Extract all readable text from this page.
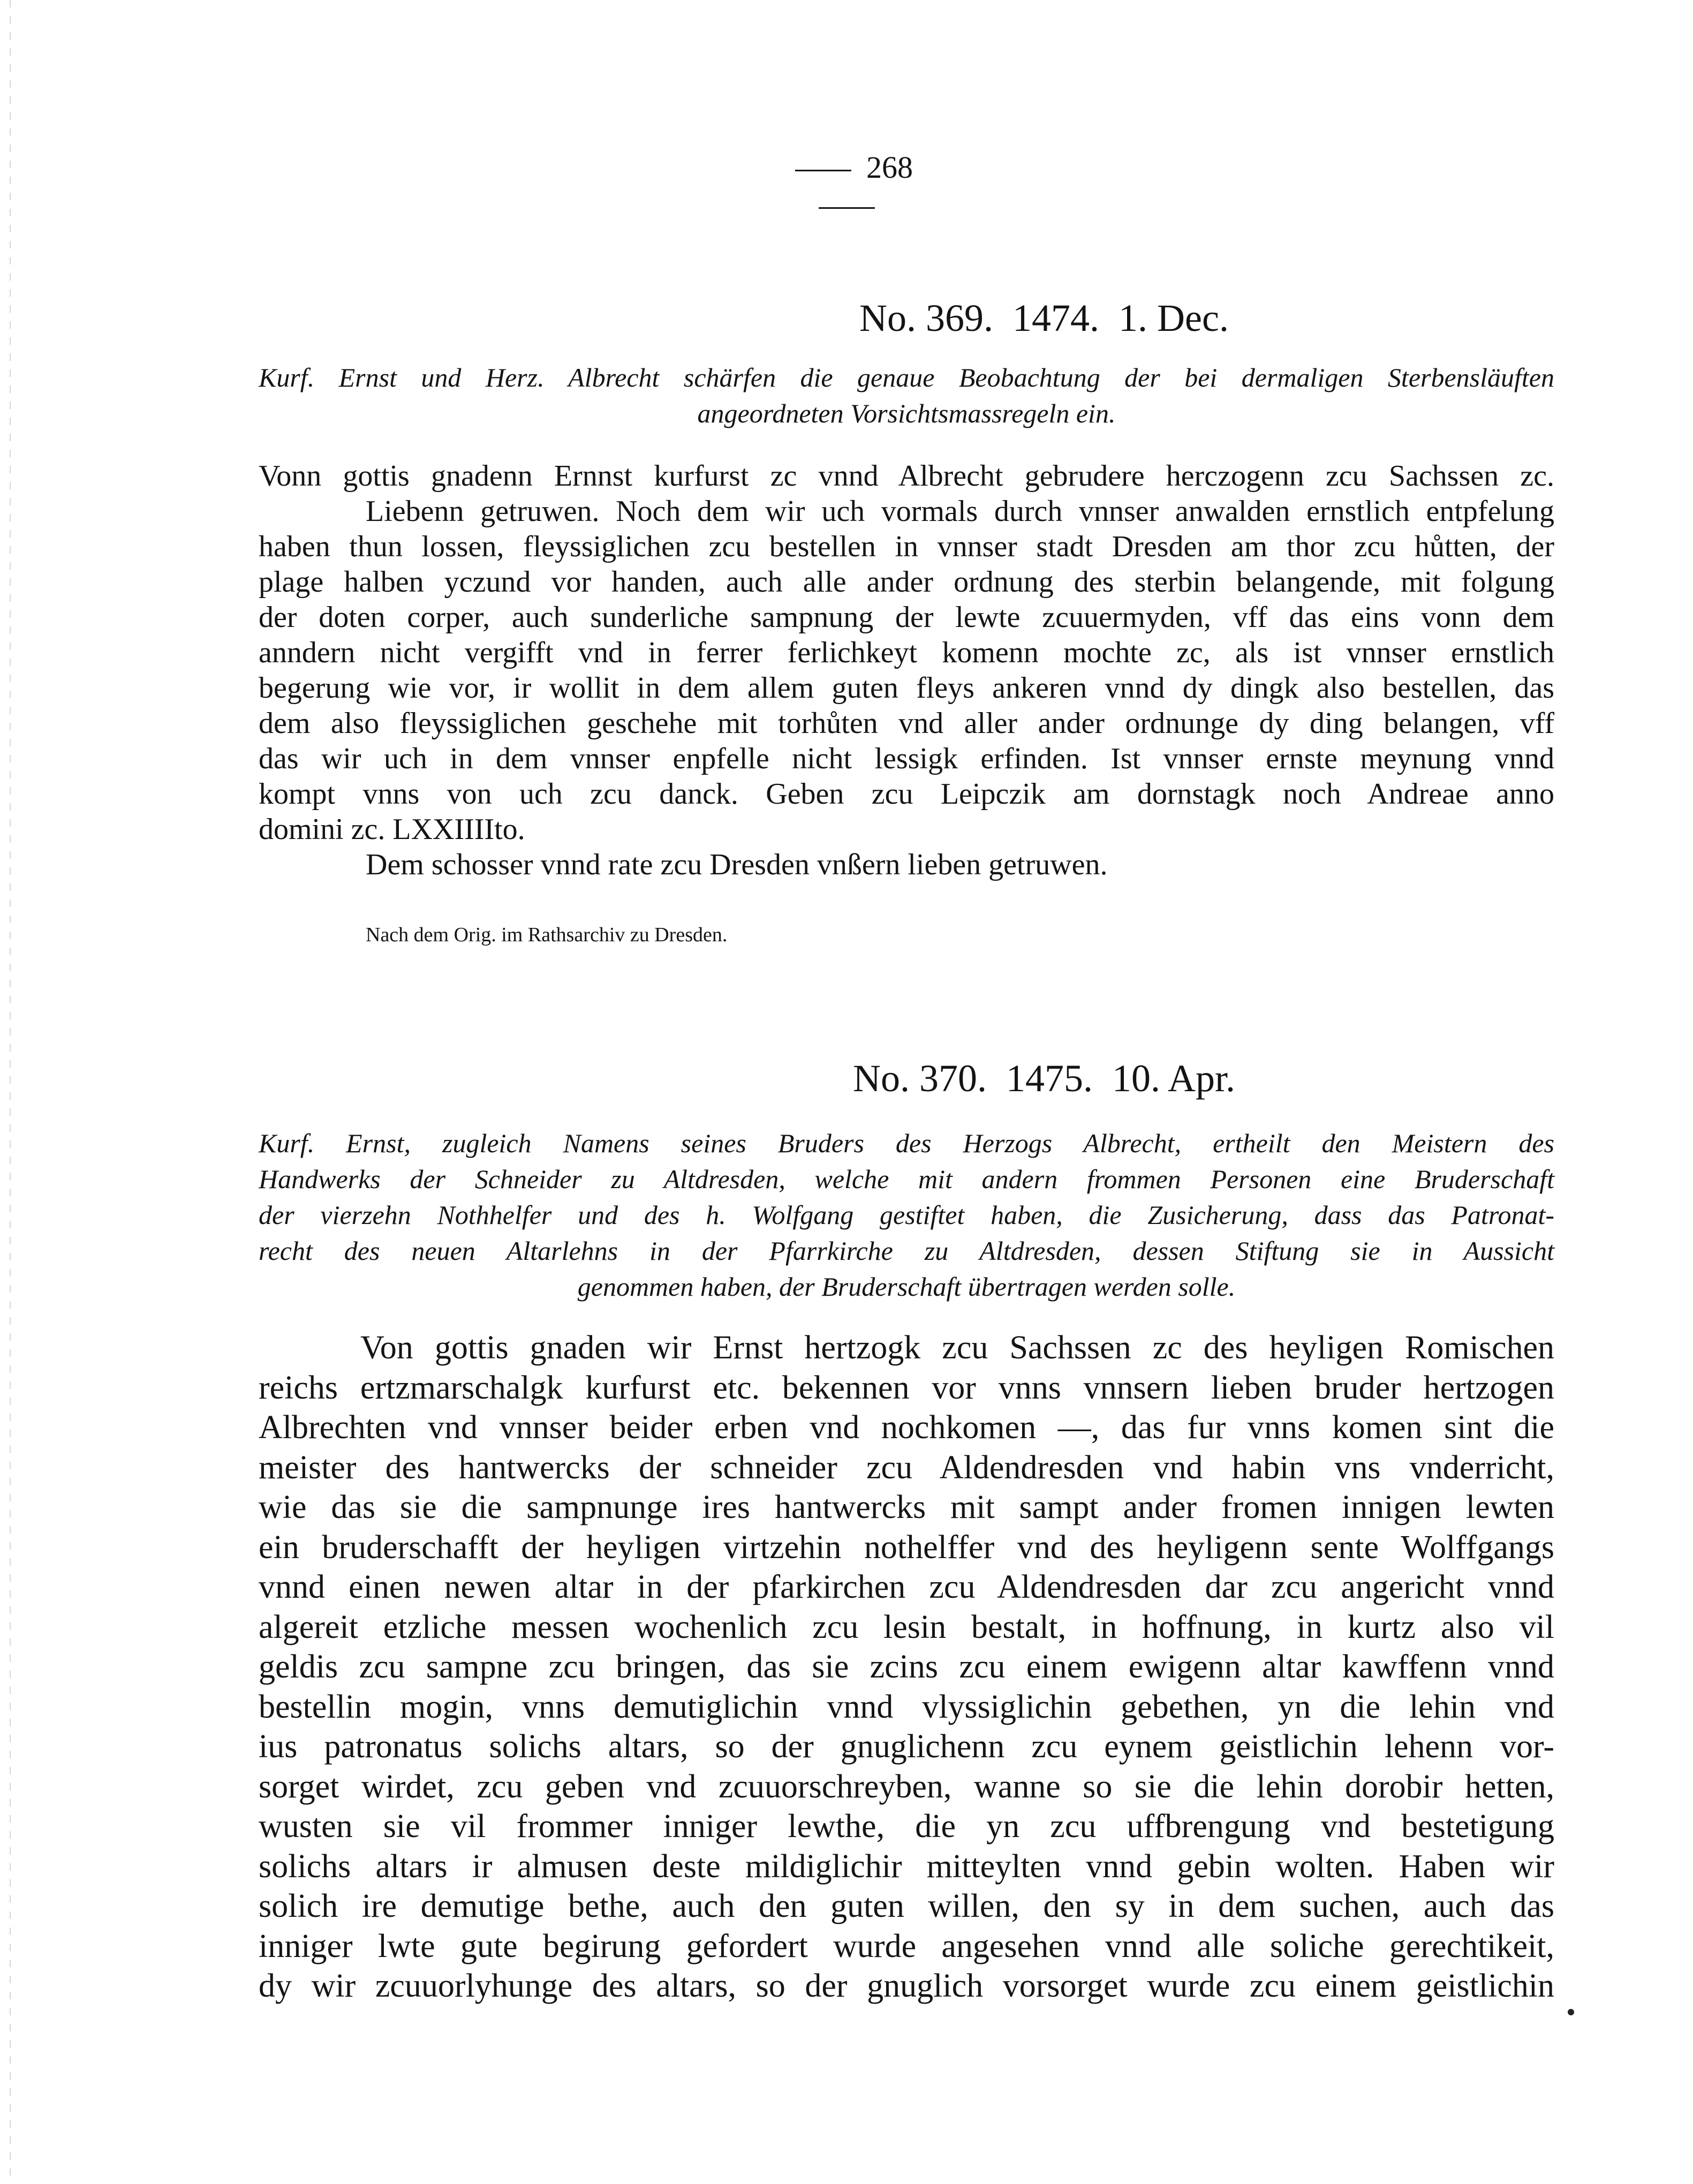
268
No. 369. 1474. 1. Dec.
Kurf. Ernst und Herz. Albrecht schärfen die genaue Beobachtung der bei dermaligen Sterbensläuften
angeordneten Vorsichtsmassregeln ein.
Vonn gottis gnadenn Ernnst kurfurst zc vnnd Albrecht gebrudere herczogenn zcu Sachssen zc.
Liebenn getruwen. Noch dem wir uch vormals durch vnnser anwalden ernstlich entpfelung
haben thun lossen, fleyssiglichen zcu bestellen in vnnser stadt Dresden am thor zcu hůtten, der
plage halben yczund vor handen, auch alle ander ordnung des sterbin belangende, mit folgung
der doten corper, auch sunderliche sampnung der lewte zcuuermyden, vff das eins vonn dem
anndern nicht vergifft vnd in ferrer ferlichkeyt komenn mochte zc, als ist vnnser ernstlich
begerung wie vor, ir wollit in dem allem guten fleys ankeren vnnd dy dingk also bestellen, das
dem also fleyssiglichen geschehe mit torhůten vnd aller ander ordnunge dy ding belangen, vff
das wir uch in dem vnnser enpfelle nicht lessigk erfinden. Ist vnnser ernste meynung vnnd
kompt vnns von uch zcu danck. Geben zcu Leipczik am dornstagk noch Andreae anno
domini zc. LXXIIIIto.
Dem schosser vnnd rate zcu Dresden vnßern lieben getruwen.
Nach dem Orig. im Rathsarchiv zu Dresden.
No. 370. 1475. 10. Apr.
Kurf. Ernst, zugleich Namens seines Bruders des Herzogs Albrecht, ertheilt den Meistern des
Handwerks der Schneider zu Altdresden, welche mit andern frommen Personen eine Bruderschaft
der vierzehn Nothhelfer und des h. Wolfgang gestiftet haben, die Zusicherung, dass das Patronat-
recht des neuen Altarlehns in der Pfarrkirche zu Altdresden, dessen Stiftung sie in Aussicht
genommen haben, der Bruderschaft übertragen werden solle.
Von gottis gnaden wir Ernst hertzogk zcu Sachssen zc des heyligen Romischen
reichs ertzmarschalgk kurfurst etc. bekennen vor vnns vnnsern lieben bruder hertzogen
Albrechten vnd vnnser beider erben vnd nochkomen —, das fur vnns komen sint die
meister des hantwercks der schneider zcu Aldendresden vnd habin vns vnderricht,
wie das sie die sampnunge ires hantwercks mit sampt ander fromen innigen lewten
ein bruderschafft der heyligen virtzehin nothelffer vnd des heyligenn sente Wolffgangs
vnnd einen newen altar in der pfarkirchen zcu Aldendresden dar zcu angericht vnnd
algereit etzliche messen wochenlich zcu lesin bestalt, in hoffnung, in kurtz also vil
geldis zcu sampne zcu bringen, das sie zcins zcu einem ewigenn altar kawffenn vnnd
bestellin mogin, vnns demutiglichin vnnd vlyssiglichin gebethen, yn die lehin vnd
ius patronatus solichs altars, so der gnuglichenn zcu eynem geistlichin lehenn vor-
sorget wirdet, zcu geben vnd zcuuorschreyben, wanne so sie die lehin dorobir hetten,
wusten sie vil frommer inniger lewthe, die yn zcu uffbrengung vnd bestetigung
solichs altars ir almusen deste mildiglichir mitteylten vnnd gebin wolten. Haben wir
solich ire demutige bethe, auch den guten willen, den sy in dem suchen, auch das
inniger lwte gute begirung gefordert wurde angesehen vnnd alle soliche gerechtikeit,
dy wir zcuuorlyhunge des altars, so der gnuglich vorsorget wurde zcu einem geistlichin
